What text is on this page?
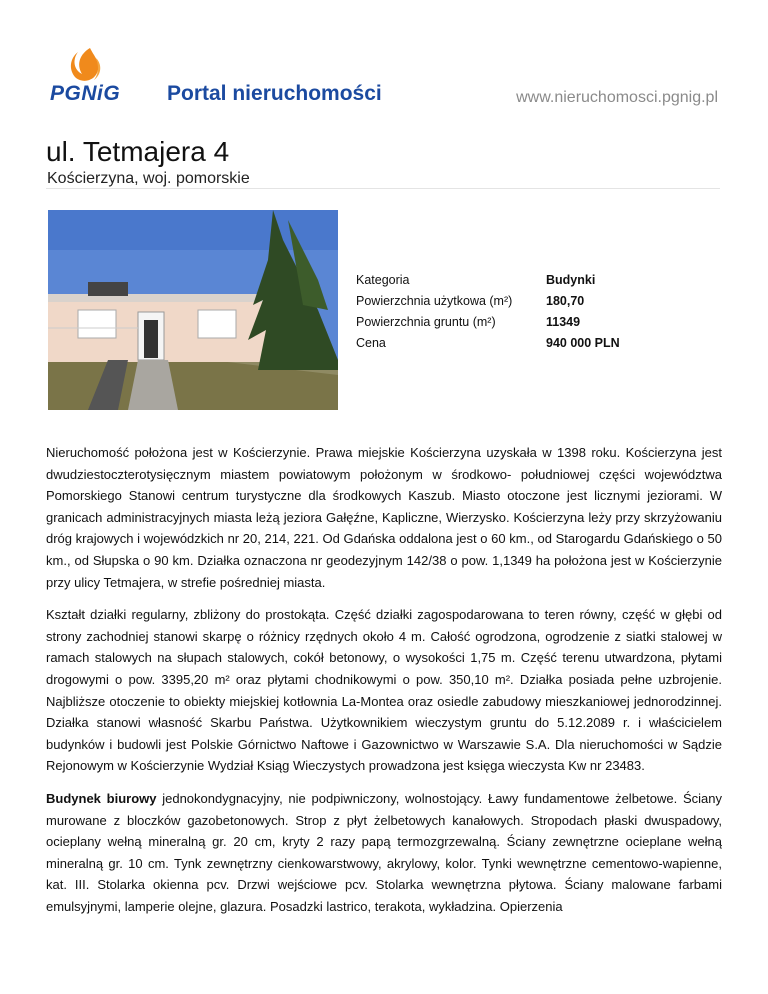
PGNiG Portal nieruchomości	www.nieruchomosci.pgnig.pl
ul. Tetmajera 4
Kościerzyna, woj. pomorskie
Kategoria	Budynki
Powierzchnia użytkowa (m²)	180,70
Powierzchnia gruntu (m²)	11349
Cena	940 000 PLN

Nieruchomość położona jest w Kościerzynie. Prawa miejskie Kościerzyna uzyskała w 1398 roku. Kościerzyna jest dwudziestoczterotysięcznym miastem powiatowym położonym w środkowo- południowej części województwa Pomorskiego Stanowi centrum turystyczne dla środkowych Kaszub. Miasto otoczone jest licznymi jeziorami. W granicach administracyjnych miasta leżą jeziora Gałęźne, Kapliczne, Wierzysko. Kościerzyna leży przy skrzyżowaniu dróg krajowych i wojewódzkich nr 20, 214, 221. Od Gdańska oddalona jest o 60 km., od Starogardu Gdańskiego o 50 km., od Słupska o 90 km. Działka oznaczona nr geodezyjnym 142/38 o pow. 1,1349 ha położona jest w Kościerzynie przy ulicy Tetmajera, w strefie pośredniej miasta.

Kształt działki regularny, zbliżony do prostokąta. Część działki zagospodarowana to teren równy, część w głębi od strony zachodniej stanowi skarpę o różnicy rzędnych około 4 m. Całość ogrodzona, ogrodzenie z siatki stalowej w ramach stalowych na słupach stalowych, cokół betonowy, o wysokości 1,75 m. Część terenu utwardzona, płytami drogowymi o pow. 3395,20 m² oraz płytami chodnikowymi o pow. 350,10 m². Działka posiada pełne uzbrojenie. Najbliższe otoczenie to obiekty miejskiej kotłownia La-Montea oraz osiedle zabudowy mieszkaniowej jednorodzinnej. Działka stanowi własność Skarbu Państwa. Użytkownikiem wieczystym gruntu do 5.12.2089 r. i właścicielem budynków i budowli jest Polskie Górnictwo Naftowe i Gazownictwo w Warszawie S.A. Dla nieruchomości w Sądzie Rejonowym w Kościerzynie Wydział Ksiąg Wieczystych prowadzona jest księga wieczysta Kw nr 23483.

Budynek biurowy jednokondygnacyjny, nie podpiwniczony, wolnostojący. Ławy fundamentowe żelbetowe. Ściany murowane z bloczków gazobetonowych. Strop z płyt żelbetowych kanałowych. Stropodach płaski dwuspadowy, ocieplany wełną mineralną gr. 20 cm, kryty 2 razy papą termozgrzewalną. Ściany zewnętrzne ocieplane wełną mineralną gr. 10 cm. Tynk zewnętrzny cienkowarstwowy, akrylowy, kolor. Tynki wewnętrzne cementowo-wapienne, kat. III. Stolarka okienna pcv. Drzwi wejściowe pcv. Stolarka wewnętrzna płytowa. Ściany malowane farbami emulsyjnymi, lamperie olejne, glazura. Posadzki lastrico, terakota, wykładzina. Opierzenia
